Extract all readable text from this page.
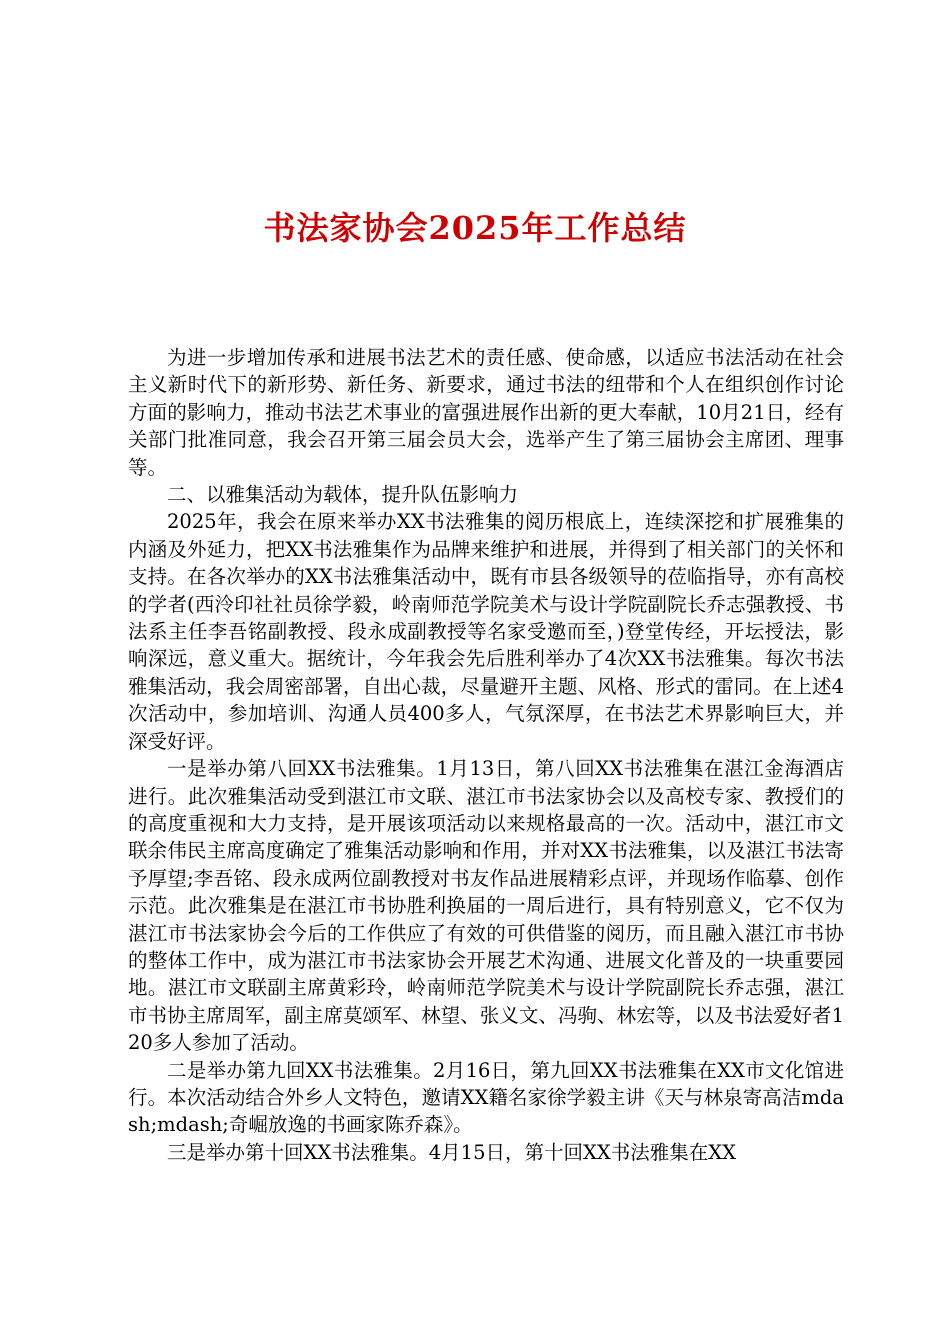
书法家协会2025年工作总结

为进一步增加传承和进展书法艺术的责任感、使命感，以适应书法活动在社会主义新时代下的新形势、新任务、新要求，通过书法的纽带和个人在组织创作讨论方面的影响力，推动书法艺术事业的富强进展作出新的更大奉献，10月21日，经有关部门批准同意，我会召开第三届会员大会，选举产生了第三届协会主席团、理事等。

二、以雅集活动为载体，提升队伍影响力

2025年，我会在原来举办XX书法雅集的阅历根底上，连续深挖和扩展雅集的内涵及外延力，把XX书法雅集作为品牌来维护和进展，并得到了相关部门的关怀和支持。在各次举办的XX书法雅集活动中，既有市县各级领导的莅临指导，亦有高校的学者(西泠印社社员徐学毅，岭南师范学院美术与设计学院副院长乔志强教授、书法系主任李吾铭副教授、段永成副教授等名家受邀而至，)登堂传经，开坛授法，影响深远，意义重大。据统计，今年我会先后胜利举办了4次XX书法雅集。每次书法雅集活动，我会周密部署，自出心裁，尽量避开主题、风格、形式的雷同。在上述4次活动中，参加培训、沟通人员400多人，气氛深厚，在书法艺术界影响巨大，并深受好评。

一是举办第八回XX书法雅集。1月13日，第八回XX书法雅集在湛江金海酒店进行。此次雅集活动受到湛江市文联、湛江市书法家协会以及高校专家、教授们的的高度重视和大力支持，是开展该项活动以来规格最高的一次。活动中，湛江市文联余伟民主席高度确定了雅集活动影响和作用，并对XX书法雅集，以及湛江书法寄予厚望;李吾铭、段永成两位副教授对书友作品进展精彩点评，并现场作临摹、创作示范。此次雅集是在湛江市书协胜利换届的一周后进行，具有特别意义，它不仅为湛江市书法家协会今后的工作供应了有效的可供借鉴的阅历，而且融入湛江市书协的整体工作中，成为湛江市书法家协会开展艺术沟通、进展文化普及的一块重要园地。湛江市文联副主席黄彩玲，岭南师范学院美术与设计学院副院长乔志强，湛江市书协主席周军，副主席莫颂军、林望、张义文、冯驹、林宏等，以及书法爱好者120多人参加了活动。

二是举办第九回XX书法雅集。2月16日，第九回XX书法雅集在XX市文化馆进行。本次活动结合外乡人文特色，邀请XX籍名家徐学毅主讲《天与林泉寄高洁mdash;mdash;奇崛放逸的书画家陈乔森》。

三是举办第十回XX书法雅集。4月15日，第十回XX书法雅集在XX
